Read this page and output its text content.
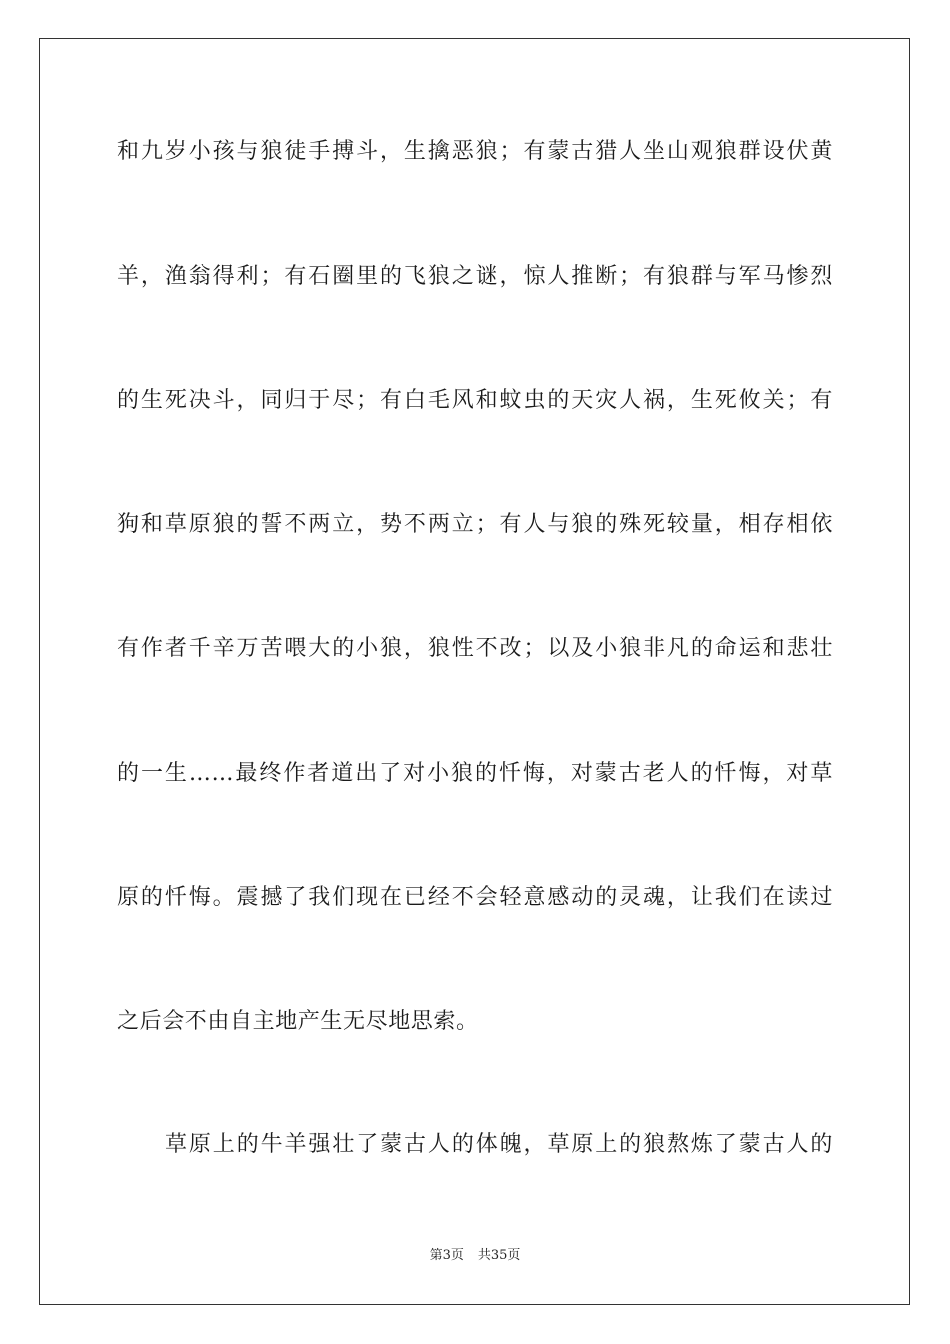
和九岁小孩与狼徒手搏斗，生擒恶狼；有蒙古猎人坐山观狼群设伏黄
羊，渔翁得利；有石圈里的飞狼之谜，惊人推断；有狼群与军马惨烈
的生死决斗，同归于尽；有白毛风和蚊虫的天灾人祸，生死攸关；有
狗和草原狼的誓不两立，势不两立；有人与狼的殊死较量，相存相依
有作者千辛万苦喂大的小狼，狼性不改；以及小狼非凡的命运和悲壮
的一生……最终作者道出了对小狼的忏悔，对蒙古老人的忏悔，对草
原的忏悔。震撼了我们现在已经不会轻意感动的灵魂，让我们在读过
之后会不由自主地产生无尽地思索。
草原上的牛羊强壮了蒙古人的体魄，草原上的狼熬炼了蒙古人的
第3页 共35页
